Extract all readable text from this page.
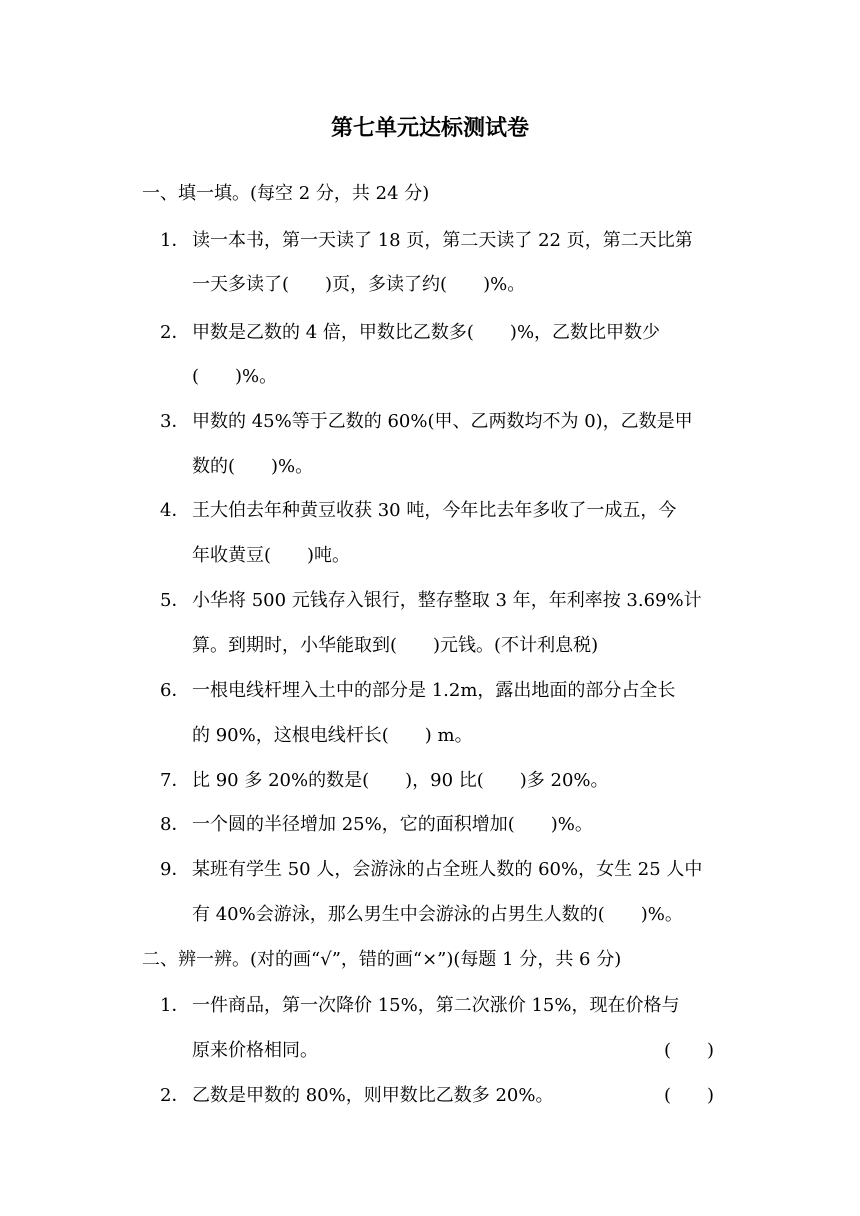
第七单元达标测试卷
一、填一填。(每空 2 分，共 24 分)
1． 读一本书，第一天读了 18 页，第二天读了 22 页，第二天比第
一天多读了(　　)页，多读了约(　　)%。
2． 甲数是乙数的 4 倍，甲数比乙数多(　　)%，乙数比甲数少
(　　)%。
3． 甲数的 45%等于乙数的 60%(甲、乙两数均不为 0)，乙数是甲
数的(　　)%。
4． 王大伯去年种黄豆收获 30 吨，今年比去年多收了一成五，今
年收黄豆(　　)吨。
5． 小华将 500 元钱存入银行，整存整取 3 年，年利率按 3.69%计
算。到期时，小华能取到(　　)元钱。(不计利息税)
6． 一根电线杆埋入土中的部分是 1.2m，露出地面的部分占全长
的 90%，这根电线杆长(　　) m。
7． 比 90 多 20%的数是(　　)，90 比(　　)多 20%。
8． 一个圆的半径增加 25%，它的面积增加(　　)%。
9． 某班有学生 50 人，会游泳的占全班人数的 60%，女生 25 人中
有 40%会游泳，那么男生中会游泳的占男生人数的(　　)%。
二、辨一辨。(对的画“√”，错的画“×”)(每题 1 分，共 6 分)
1． 一件商品，第一次降价 15%，第二次涨价 15%，现在价格与
原来价格相同。	(　　)
2． 乙数是甲数的 80%，则甲数比乙数多 20%。	(　　)
